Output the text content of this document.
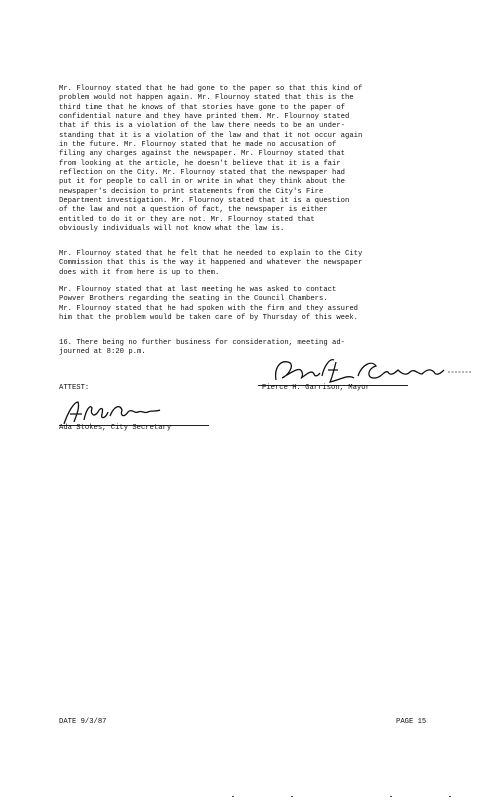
Mr. Flournoy stated that he had gone to the paper so that this kind of
problem would not happen again. Mr. Flournoy stated that this is the
third time that he knows of that stories have gone to the paper of
confidential nature and they have printed them. Mr. Flournoy stated
that if this is a violation of the law there needs to be an under-
standing that it is a violation of the law and that it not occur again
in the future. Mr. Flournoy stated that he made no accusation of
filing any charges against the newspaper. Mr. Flournoy stated that
from looking at the article, he doesn't believe that it is a fair
reflection on the City. Mr. Flournoy stated that the newspaper had
put it for people to call in or write in what they think about the
newspaper's decision to print statements from the City's Fire
Department investigation. Mr. Flournoy stated that it is a question
of the law and not a question of fact, the newspaper is either
entitled to do it or they are not. Mr. Flournoy stated that
obviously individuals will not know what the law is.

Mr. Flournoy stated that he felt that he needed to explain to the City
Commission that this is the way it happened and whatever the newspaper
does with it from here is up to them.

Mr. Flournoy stated that at last meeting he was asked to contact
Powver Brothers regarding the seating in the Council Chambers.
Mr. Flournoy stated that he had spoken with the firm and they assured
him that the problem would be taken care of by Thursday of this week.

16. There being no further business for consideration, meeting ad-
journed at 8:20 p.m.

Pierce H. Garrison, Mayor
ATTEST:
Ada Stokes, City Secretary
DATE 9/3/87	PAGE 15
